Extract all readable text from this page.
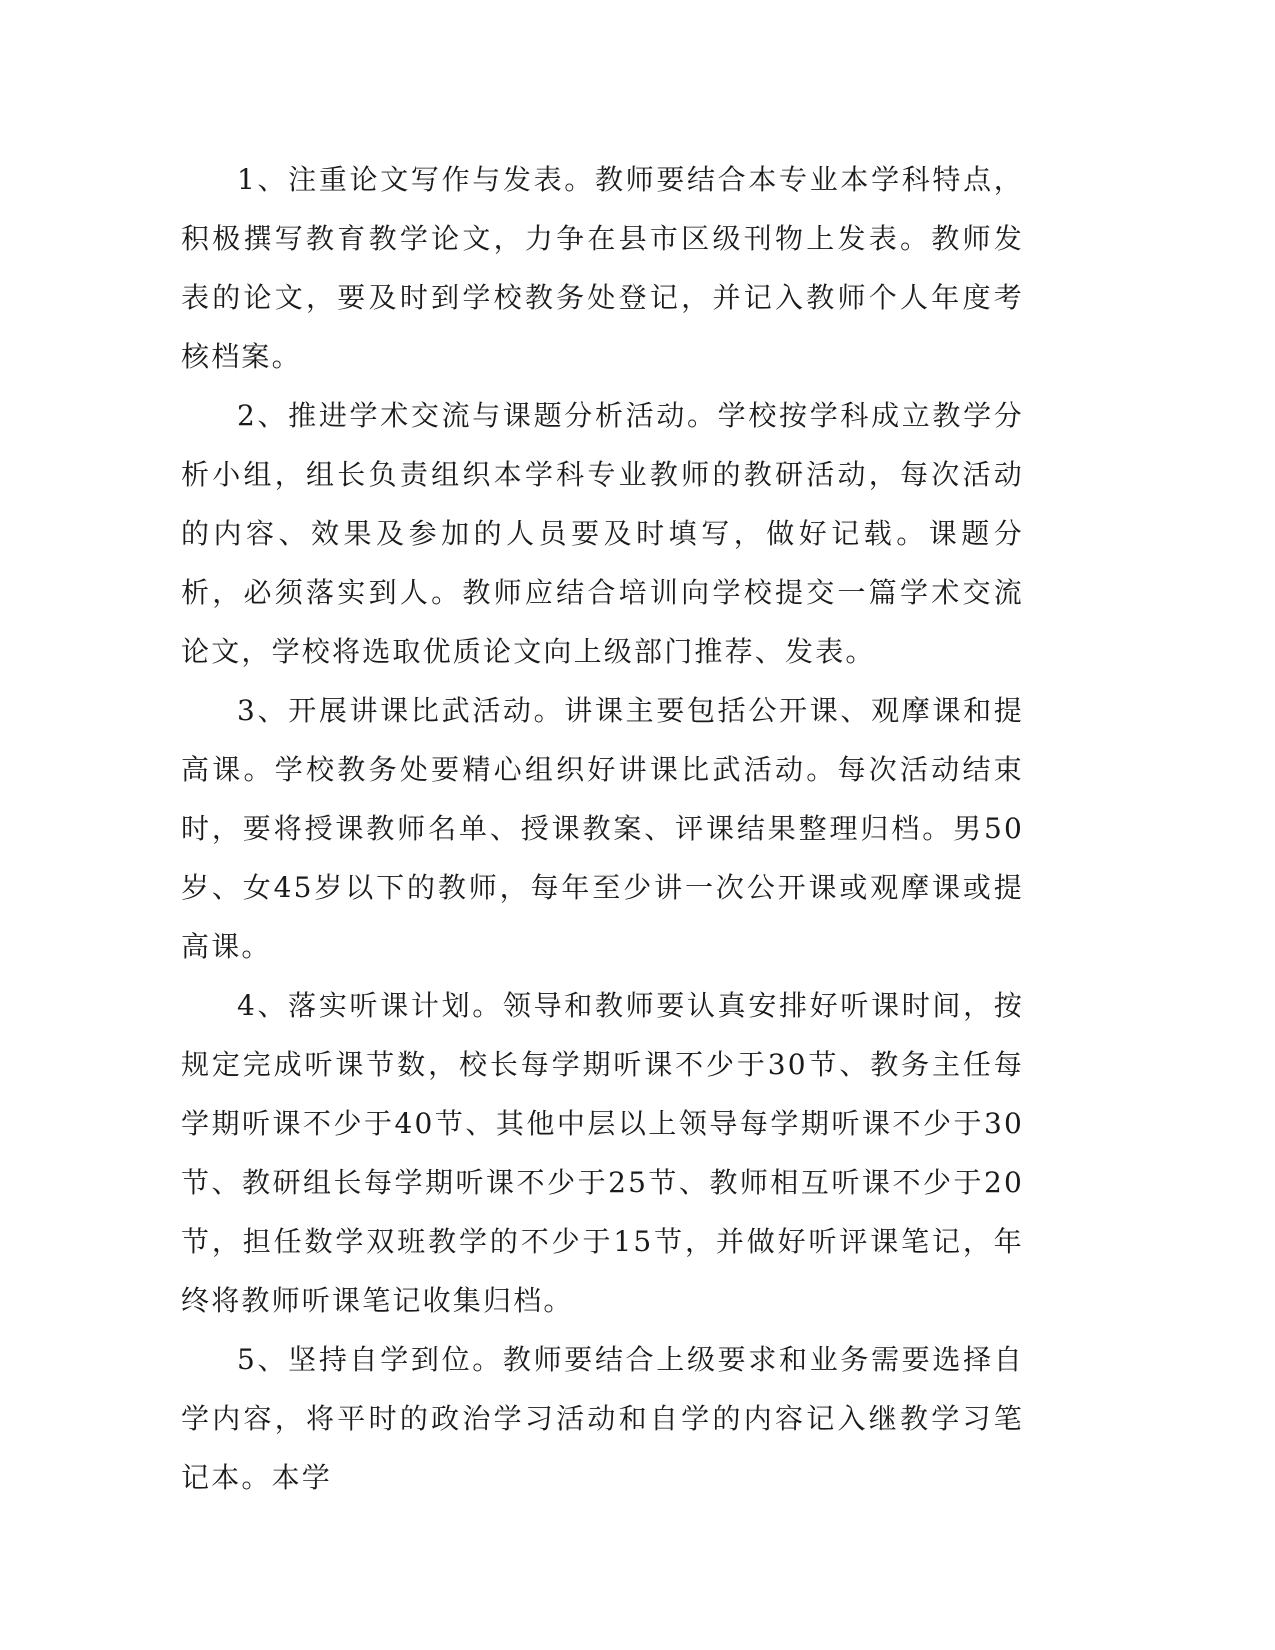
1、注重论文写作与发表。教师要结合本专业本学科特点，积极撰写教育教学论文，力争在县市区级刊物上发表。教师发表的论文，要及时到学校教务处登记，并记入教师个人年度考核档案。

2、推进学术交流与课题分析活动。学校按学科成立教学分析小组，组长负责组织本学科专业教师的教研活动，每次活动的内容、效果及参加的人员要及时填写，做好记载。课题分析，必须落实到人。教师应结合培训向学校提交一篇学术交流论文，学校将选取优质论文向上级部门推荐、发表。

3、开展讲课比武活动。讲课主要包括公开课、观摩课和提高课。学校教务处要精心组织好讲课比武活动。每次活动结束时，要将授课教师名单、授课教案、评课结果整理归档。男50岁、女45岁以下的教师，每年至少讲一次公开课或观摩课或提高课。

4、落实听课计划。领导和教师要认真安排好听课时间，按规定完成听课节数，校长每学期听课不少于30节、教务主任每学期听课不少于40节、其他中层以上领导每学期听课不少于30节、教研组长每学期听课不少于25节、教师相互听课不少于20节，担任数学双班教学的不少于15节，并做好听评课笔记，年终将教师听课笔记收集归档。

5、坚持自学到位。教师要结合上级要求和业务需要选择自学内容，将平时的政治学习活动和自学的内容记入继教学习笔记本。本学
